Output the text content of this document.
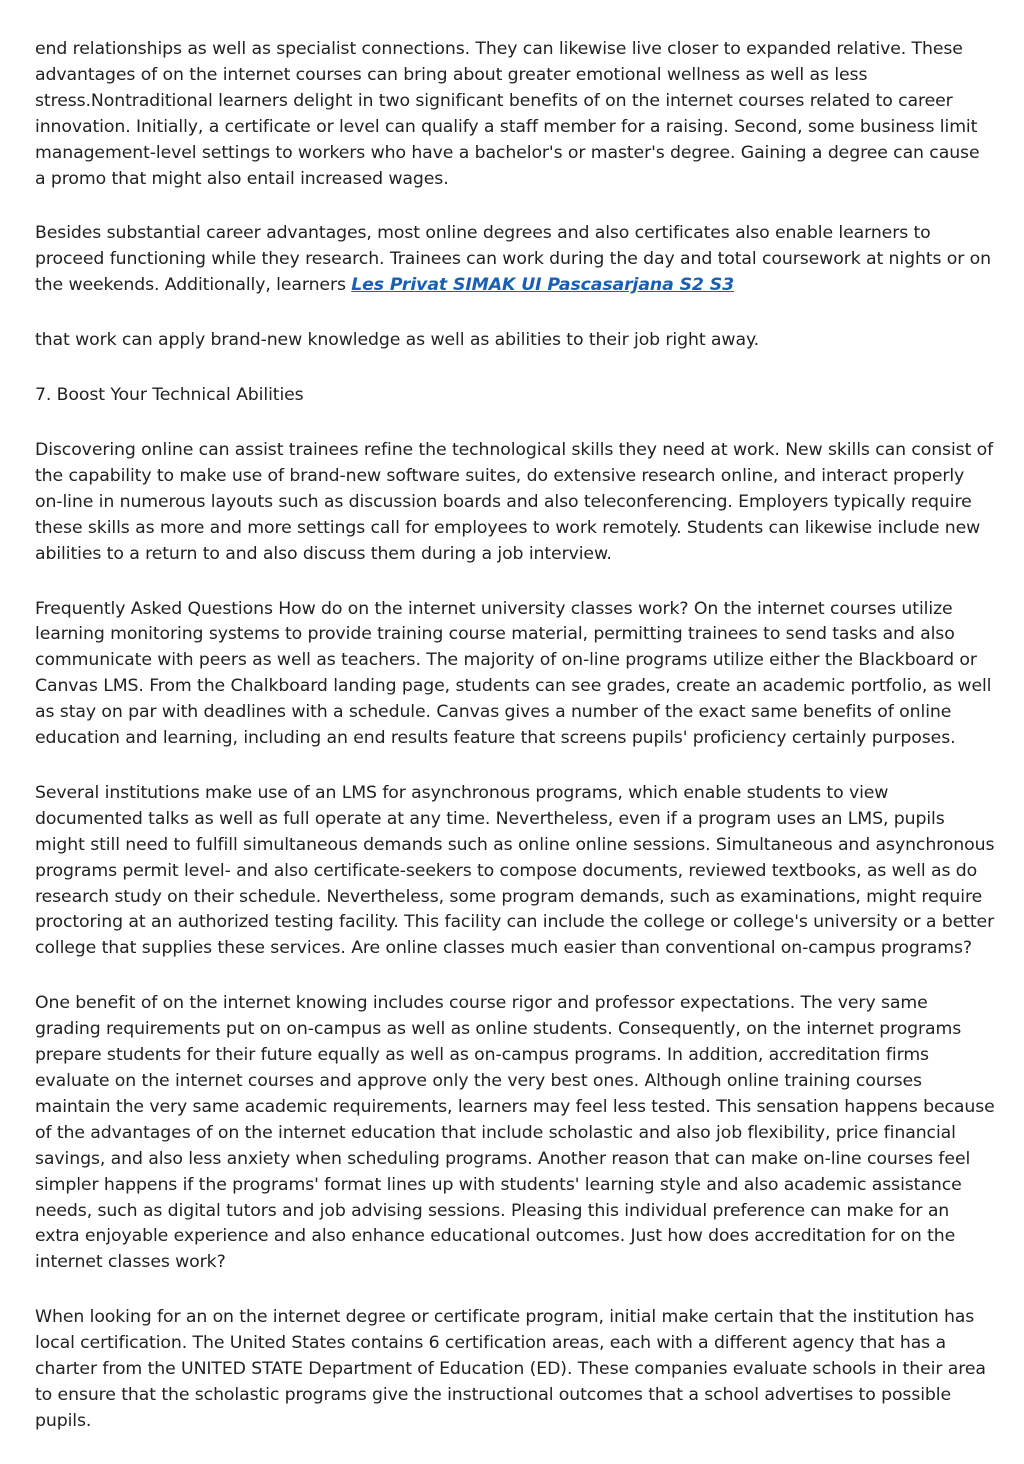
end relationships as well as specialist connections. They can likewise live closer to expanded relative. These advantages of on the internet courses can bring about greater emotional wellness as well as less stress.Nontraditional learners delight in two significant benefits of on the internet courses related to career innovation. Initially, a certificate or level can qualify a staff member for a raising. Second, some business limit management-level settings to workers who have a bachelor's or master's degree. Gaining a degree can cause a promo that might also entail increased wages.

Besides substantial career advantages, most online degrees and also certificates also enable learners to proceed functioning while they research. Trainees can work during the day and total coursework at nights or on the weekends. Additionally, learners Les Privat SIMAK UI Pascasarjana S2 S3

that work can apply brand-new knowledge as well as abilities to their job right away.

7. Boost Your Technical Abilities

Discovering online can assist trainees refine the technological skills they need at work. New skills can consist of the capability to make use of brand-new software suites, do extensive research online, and interact properly on-line in numerous layouts such as discussion boards and also teleconferencing. Employers typically require these skills as more and more settings call for employees to work remotely. Students can likewise include new abilities to a return to and also discuss them during a job interview.

Frequently Asked Questions How do on the internet university classes work? On the internet courses utilize learning monitoring systems to provide training course material, permitting trainees to send tasks and also communicate with peers as well as teachers. The majority of on-line programs utilize either the Blackboard or Canvas LMS. From the Chalkboard landing page, students can see grades, create an academic portfolio, as well as stay on par with deadlines with a schedule. Canvas gives a number of the exact same benefits of online education and learning, including an end results feature that screens pupils' proficiency certainly purposes.

Several institutions make use of an LMS for asynchronous programs, which enable students to view documented talks as well as full operate at any time. Nevertheless, even if a program uses an LMS, pupils might still need to fulfill simultaneous demands such as online online sessions. Simultaneous and asynchronous programs permit level- and also certificate-seekers to compose documents, reviewed textbooks, as well as do research study on their schedule. Nevertheless, some program demands, such as examinations, might require proctoring at an authorized testing facility. This facility can include the college or college's university or a better college that supplies these services. Are online classes much easier than conventional on-campus programs?

One benefit of on the internet knowing includes course rigor and professor expectations. The very same grading requirements put on on-campus as well as online students. Consequently, on the internet programs prepare students for their future equally as well as on-campus programs. In addition, accreditation firms evaluate on the internet courses and approve only the very best ones. Although online training courses maintain the very same academic requirements, learners may feel less tested. This sensation happens because of the advantages of on the internet education that include scholastic and also job flexibility, price financial savings, and also less anxiety when scheduling programs. Another reason that can make on-line courses feel simpler happens if the programs' format lines up with students' learning style and also academic assistance needs, such as digital tutors and job advising sessions. Pleasing this individual preference can make for an extra enjoyable experience and also enhance educational outcomes. Just how does accreditation for on the internet classes work?

When looking for an on the internet degree or certificate program, initial make certain that the institution has local certification. The United States contains 6 certification areas, each with a different agency that has a charter from the UNITED STATE Department of Education (ED). These companies evaluate schools in their area to ensure that the scholastic programs give the instructional outcomes that a school advertises to possible pupils.
